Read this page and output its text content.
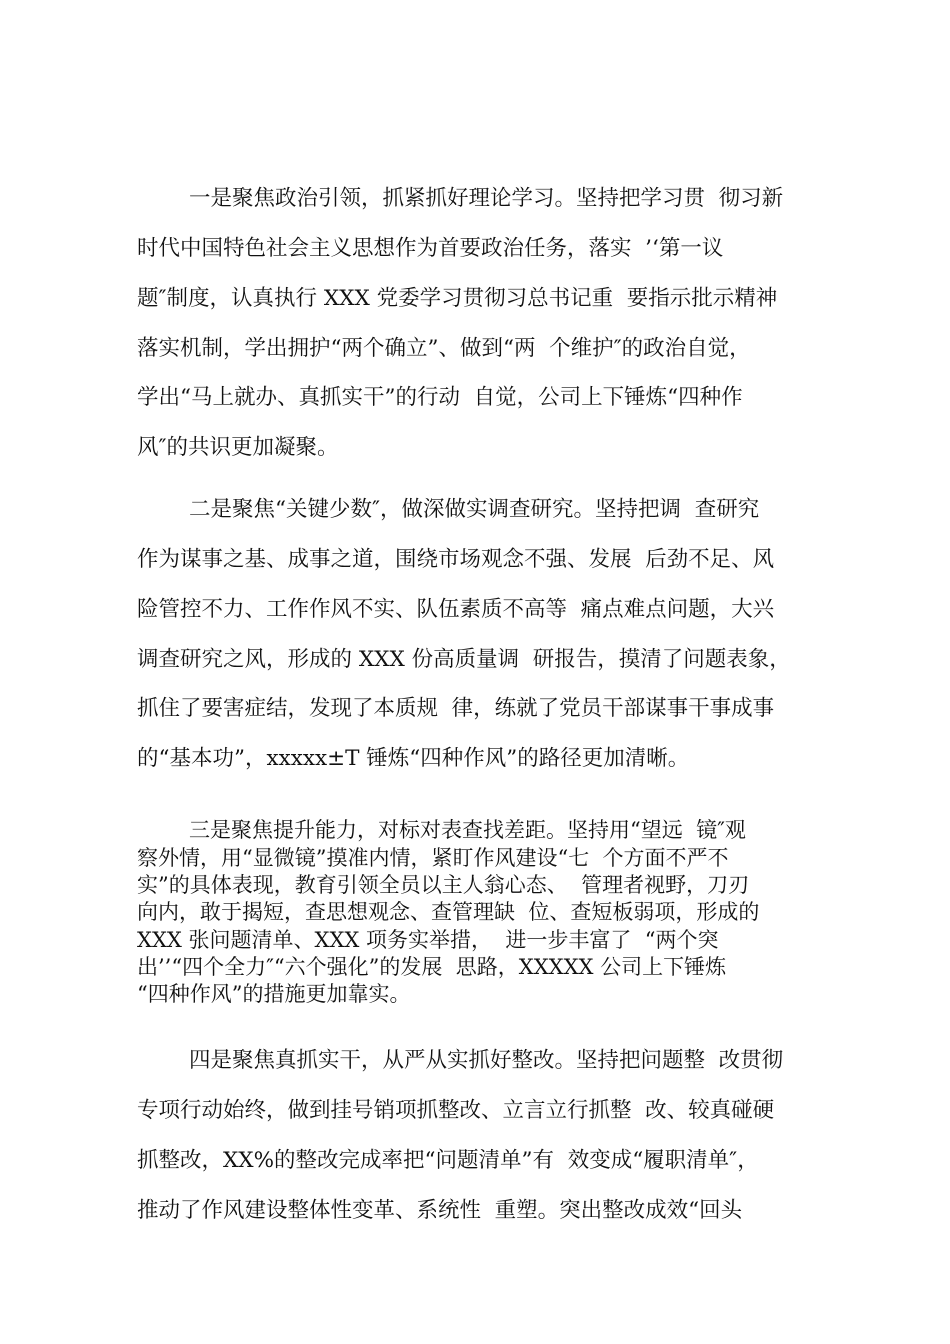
一是聚焦政治引领，抓紧抓好理论学习。坚持把学习贯  彻习新

时代中国特色社会主义思想作为首要政治任务，落实  ’‘第一议

题″制度，认真执行 XXX 党委学习贯彻习总书记重  要指示批示精神

落实机制，学出拥护“两个确立”、做到“两  个维护″的政治自觉，

学出“马上就办、真抓实干”的行动  自觉，公司上下锤炼“四种作

风″的共识更加凝聚。

二是聚焦“关键少数″，做深做实调查研究。坚持把调  查研究

作为谋事之基、成事之道，围绕市场观念不强、发展  后劲不足、风

险管控不力、工作作风不实、队伍素质不高等  痛点难点问题，大兴

调查研究之风，形成的 XXX 份高质量调  研报告，摸清了问题表象，

抓住了要害症结，发现了本质规  律，练就了党员干部谋事干事成事

的“基本功”，xxxxx±T 锤炼“四种作风”的路径更加清晰。

三是聚焦提升能力，对标对表查找差距。坚持用“望远  镜″观

察外情，用“显微镜”摸准内情，紧盯作风建设“七  个方面不严不

实”的具体表现，教育引领全员以主人翁心态、  管理者视野，刀刃

向内，敢于揭短，查思想观念、查管理缺  位、查短板弱项，形成的

XXX 张问题清单、XXX 项务实举措，  进一步丰富了  “两个突

出’’“四个全力″“六个强化”的发展  思路，XXXXX 公司上下锤炼

“四种作风”的措施更加靠实。

四是聚焦真抓实干，从严从实抓好整改。坚持把问题整  改贯彻

专项行动始终，做到挂号销项抓整改、立言立行抓整  改、较真碰硬

抓整改，XX%的整改完成率把“问题清单”有  效变成“履职清单″，

推动了作风建设整体性变革、系统性  重塑。突出整改成效“回头
